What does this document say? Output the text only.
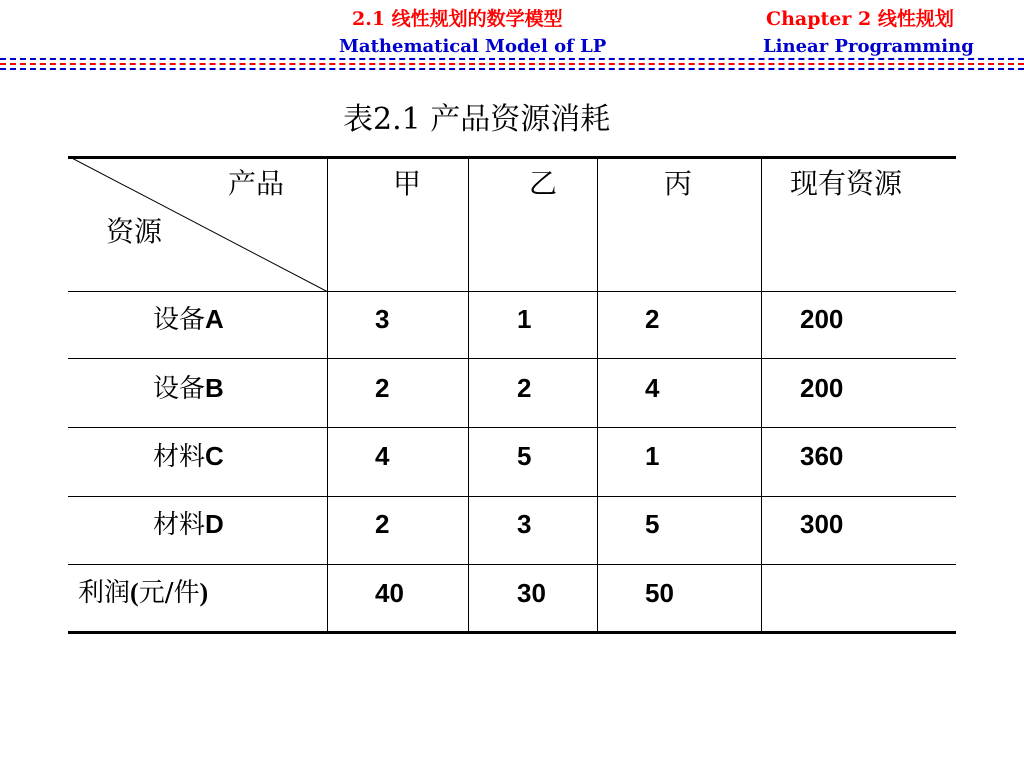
2.1 线性规划的数学模型
Mathematical Model of LP
Chapter 2 线性规划
Linear Programming
表2.1 产品资源消耗
产品
资源
甲	乙	丙	现有资源
设备A	3	1	2	200
设备B	2	2	4	200
材料C	4	5	1	360
材料D	2	3	5	300
利润(元/件)	40	30	50
